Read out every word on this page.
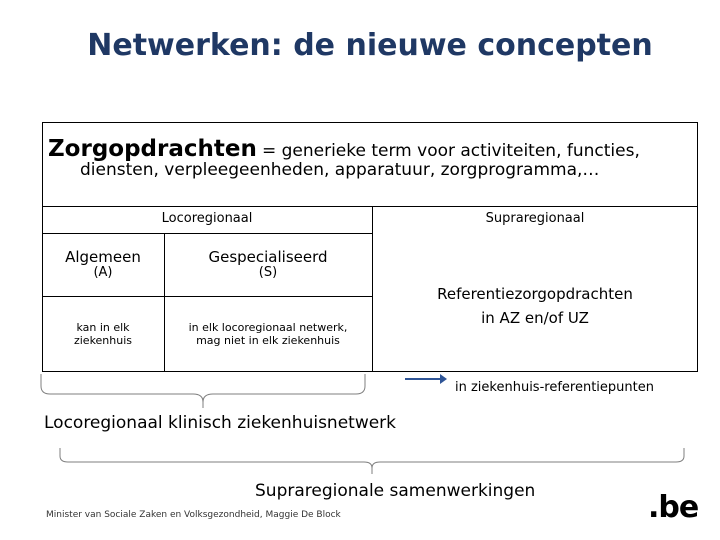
Netwerken: de nieuwe concepten
Zorgopdrachten = generieke term voor activiteiten, functies,
diensten, verpleegeenheden, apparatuur, zorgprogramma,…
Locoregionaal	Supraregionaal
Algemeen
(A)
kan in elk
ziekenhuis
Gespecialiseerd
(S)
in elk locoregionaal netwerk,
mag niet in elk ziekenhuis
Referentiezorgopdrachten
in AZ en/of UZ
in ziekenhuis-referentiepunten
Locoregionaal klinisch ziekenhuisnetwerk
Supraregionale samenwerkingen
Minister van Sociale Zaken en Volksgezondheid, Maggie De Block	.be
